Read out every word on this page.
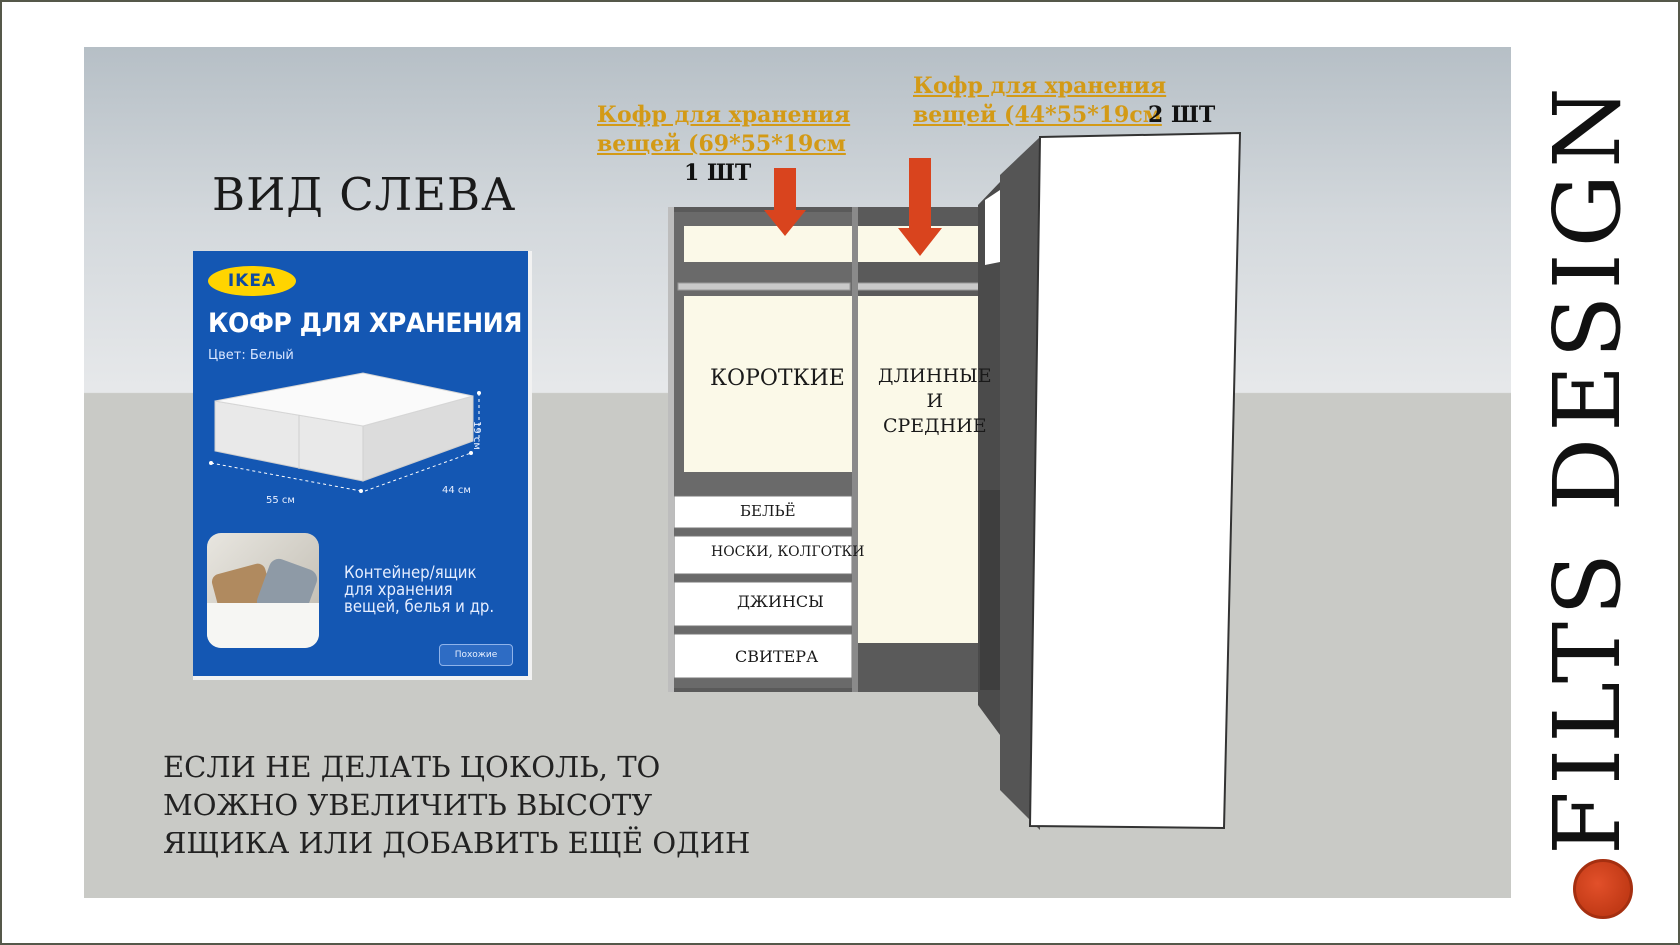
ВИД СЛЕВА
IKEA
КОФР ДЛЯ ХРАНЕНИЯ
Цвет: Белый
55 см
44 см
19 см
Контейнер/ящик
для хранения
вещей, белья и др.
Похожие
КОРОТКИЕ ДЛИННЫЕ
И
СРЕДНИЕ
БЕЛЬЁ
НОСКИ, КОЛГОТКИ
ДЖИНСЫ
СВИТЕРА
Кофр для хранения
вещей (69*55*19см
1 ШТ
Кофр для хранения
вещей (44*55*19см
2 ШТ
ЕСЛИ НЕ ДЕЛАТЬ ЦОКОЛЬ, ТО
МОЖНО УВЕЛИЧИТЬ ВЫСОТУ
ЯЩИКА ИЛИ ДОБАВИТЬ ЕЩЁ ОДИН	FILTS DESIGN
